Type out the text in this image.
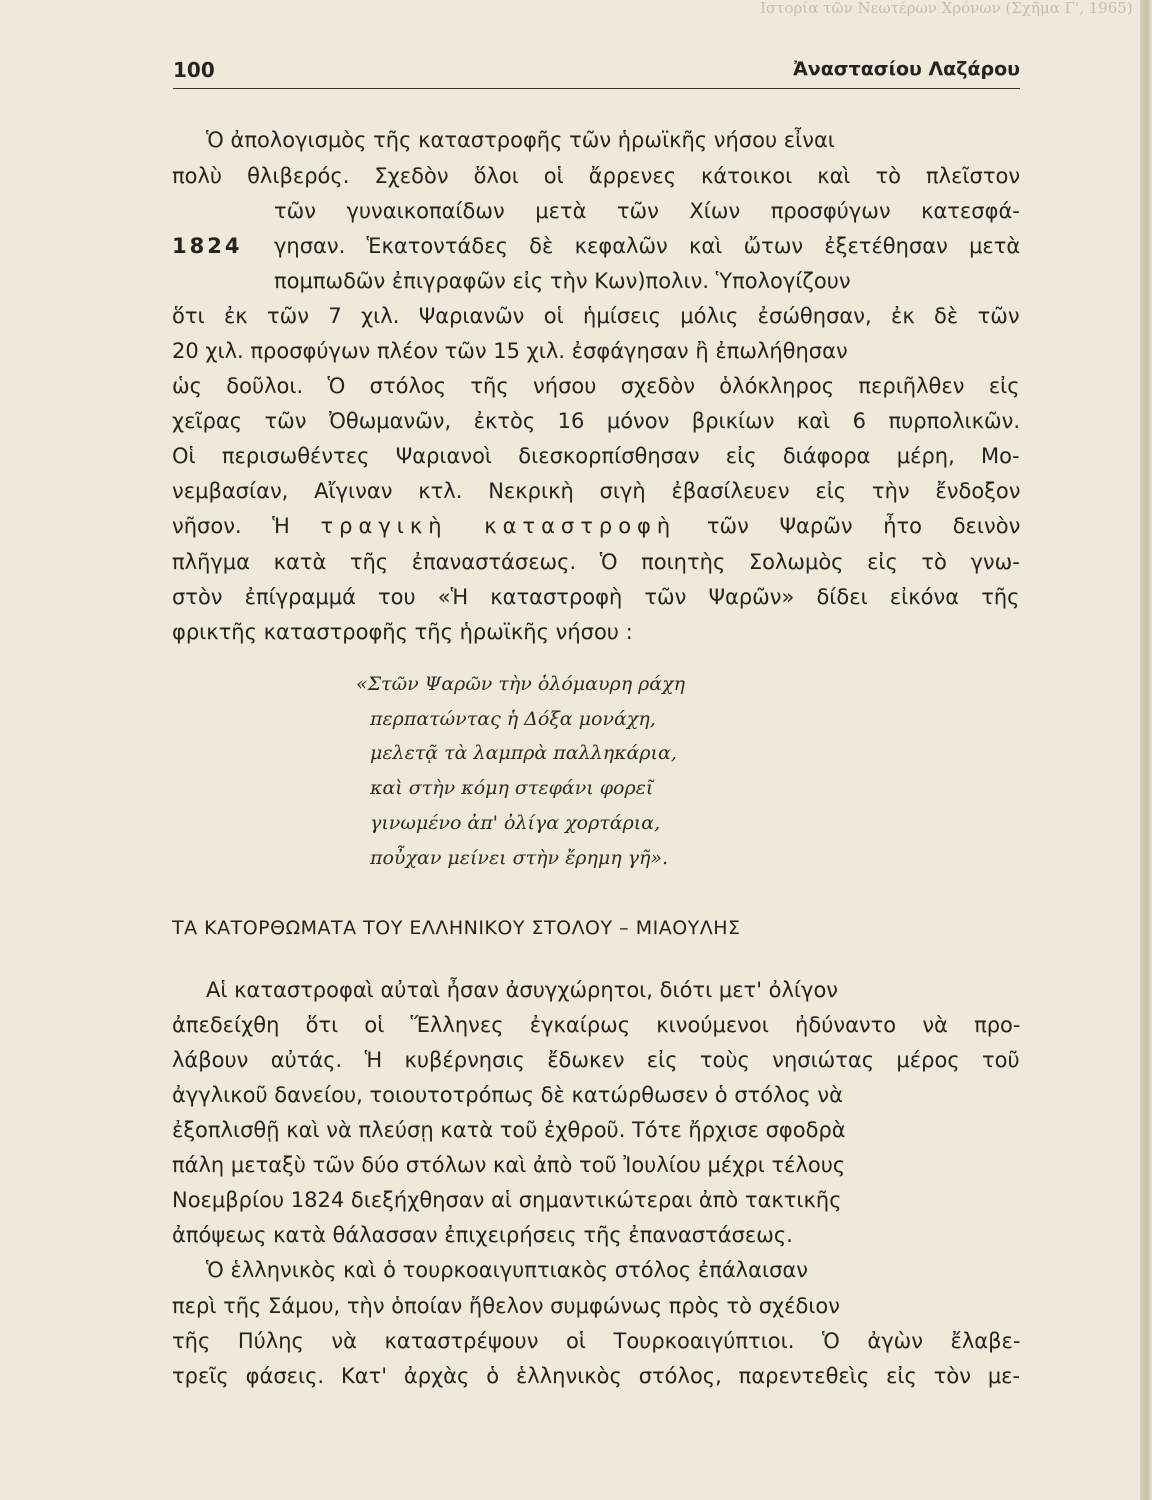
Ιστορία τῶν Νεωτέρων Χρόνων (Σχῆμα Γ', 1965)
100	Ἀναστασίου Λαζάρου
1824
Ὁ ἀπολογισμὸς τῆς καταστροφῆς τῶν ἡρωϊκῆς νήσου εἶναι
πολὺ θλιβερός. Σχεδὸν ὅλοι οἱ ἄρρενες κάτοικοι καὶ τὸ πλεῖστον
τῶν γυναικοπαίδων μετὰ τῶν Χίων προσφύγων κατεσφά-
γησαν. Ἑκατοντάδες δὲ κεφαλῶν καὶ ὤτων ἐξετέθησαν μετὰ
πομπωδῶν ἐπιγραφῶν εἰς τὴν Κων)πολιν. Ὑπολογίζουν
ὅτι ἐκ τῶν 7 χιλ. Ψαριανῶν οἱ ἡμίσεις μόλις ἐσώθησαν, ἐκ δὲ τῶν
20 χιλ. προσφύγων πλέον τῶν 15 χιλ. ἐσφάγησαν ἢ ἐπωλήθησαν
ὡς δοῦλοι. Ὁ στόλος τῆς νήσου σχεδὸν ὁλόκληρος περιῆλθεν εἰς
χεῖρας τῶν Ὀθωμανῶν, ἐκτὸς 16 μόνον βρικίων καὶ 6 πυρπολικῶν.
Οἱ περισωθέντες Ψαριανοὶ διεσκορπίσθησαν εἰς διάφορα μέρη, Μο-
νεμβασίαν, Αἴγιναν κτλ. Νεκρικὴ σιγὴ ἐβασίλευεν εἰς τὴν ἔνδοξον
νῆσον. Ἡ τραγικὴ καταστροφὴ τῶν Ψαρῶν ἦτο δεινὸν
πλῆγμα κατὰ τῆς ἐπαναστάσεως. Ὁ ποιητὴς Σολωμὸς εἰς τὸ γνω-
στὸν ἐπίγραμμά του «Ἡ καταστροφὴ τῶν Ψαρῶν» δίδει εἰκόνα τῆς
φρικτῆς καταστροφῆς τῆς ἡρωϊκῆς νήσου :
«Στῶν Ψαρῶν τὴν ὁλόμαυρη ράχη
περπατώντας ἡ Δόξα μονάχη,
μελετᾷ τὰ λαμπρὰ παλληκάρια,
καὶ στὴν κόμη στεφάνι φορεῖ
γινωμένο ἀπ' ὀλίγα χορτάρια,
ποὖχαν μείνει στὴν ἔρημη γῆ».
ΤΑ ΚΑΤΟΡΘΩΜΑΤΑ ΤΟΥ ΕΛΛΗΝΙΚΟΥ ΣΤΟΛΟΥ – ΜΙΑΟΥΛΗΣ
Αἱ καταστροφαὶ αὐταὶ ἦσαν ἀσυγχώρητοι, διότι μετ' ὀλίγον
ἀπεδείχθη ὅτι οἱ Ἕλληνες ἐγκαίρως κινούμενοι ἠδύναντο νὰ προ-
λάβουν αὐτάς. Ἡ κυβέρνησις ἔδωκεν εἰς τοὺς νησιώτας μέρος τοῦ
ἀγγλικοῦ δανείου, τοιουτοτρόπως δὲ κατώρθωσεν ὁ στόλος νὰ
ἐξοπλισθῇ καὶ νὰ πλεύσῃ κατὰ τοῦ ἐχθροῦ. Τότε ἤρχισε σφοδρὰ
πάλη μεταξὺ τῶν δύο στόλων καὶ ἀπὸ τοῦ Ἰουλίου μέχρι τέλους
Νοεμβρίου 1824 διεξήχθησαν αἱ σημαντικώτεραι ἀπὸ τακτικῆς
ἀπόψεως κατὰ θάλασσαν ἐπιχειρήσεις τῆς ἐπαναστάσεως.
Ὁ ἑλληνικὸς καὶ ὁ τουρκοαιγυπτιακὸς στόλος ἐπάλαισαν
περὶ τῆς Σάμου, τὴν ὁποίαν ἤθελον συμφώνως πρὸς τὸ σχέδιον
τῆς Πύλης νὰ καταστρέψουν οἱ Τουρκοαιγύπτιοι. Ὁ ἀγὼν ἔλαβε-
τρεῖς φάσεις. Κατ' ἀρχὰς ὁ ἑλληνικὸς στόλος, παρεντεθεὶς εἰς τὸν με-
